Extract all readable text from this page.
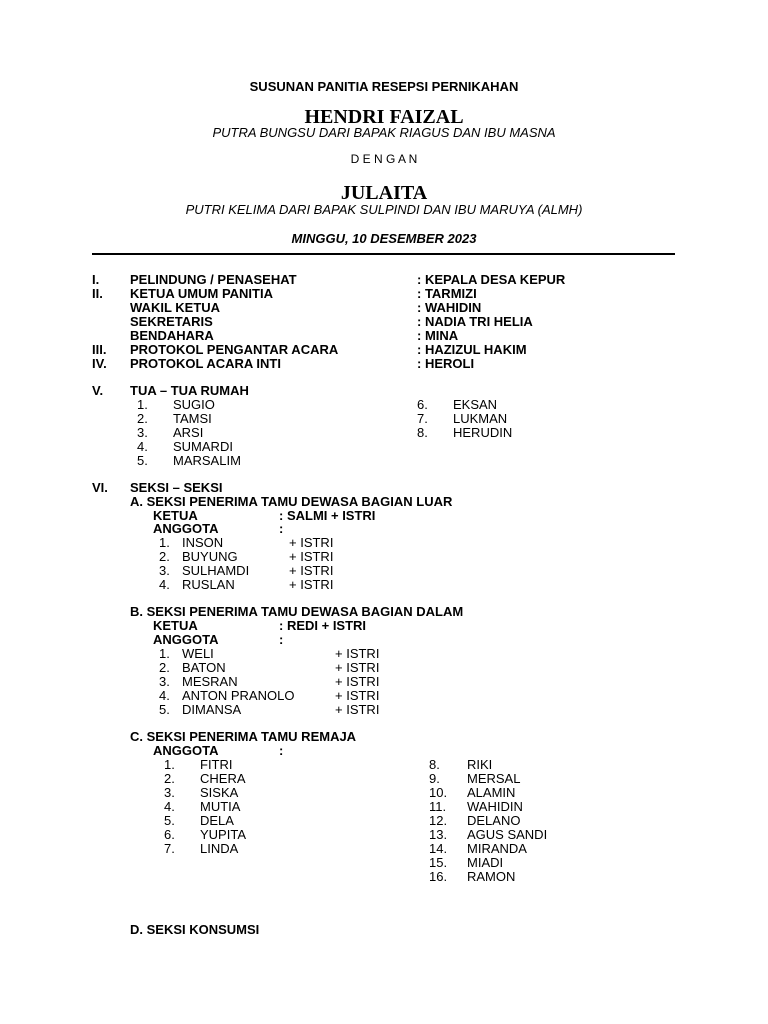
SUSUNAN PANITIA RESEPSI PERNIKAHAN
HENDRI FAIZAL
PUTRA BUNGSU DARI BAPAK RIAGUS DAN IBU MASNA
D E N G A N
JULAITA
PUTRI KELIMA DARI BAPAK SULPINDI DAN IBU MARUYA (ALMH)
MINGGU, 10 DESEMBER 2023
I. PELINDUNG / PENASEHAT	: KEPALA DESA KEPUR
II. KETUA UMUM PANITIA	: TARMIZI
WAKIL KETUA	: WAHIDIN
SEKRETARIS	: NADIA TRI HELIA
BENDAHARA	: MINA
III. PROTOKOL PENGANTAR ACARA	: HAZIZUL HAKIM
IV. PROTOKOL ACARA INTI	: HEROLI
V. TUA – TUA RUMAH
1. SUGIO
2. TAMSI
3. ARSI
4. SUMARDI
5. MARSALIM
6. EKSAN
7. LUKMAN
8. HERUDIN
VI. SEKSI – SEKSI
A. SEKSI PENERIMA TAMU DEWASA BAGIAN LUAR
KETUA	: SALMI + ISTRI
ANGGOTA	:
1. INSON	+ ISTRI
2. BUYUNG	+ ISTRI
3. SULHAMDI	+ ISTRI
4. RUSLAN	+ ISTRI
B. SEKSI PENERIMA TAMU DEWASA BAGIAN DALAM
KETUA	: REDI + ISTRI
ANGGOTA	:
1. WELI	+ ISTRI
2. BATON	+ ISTRI
3. MESRAN	+ ISTRI
4. ANTON PRANOLO	+ ISTRI
5. DIMANSA	+ ISTRI
C. SEKSI PENERIMA TAMU REMAJA
ANGGOTA	:
1. FITRI
2. CHERA
3. SISKA
4. MUTIA
5. DELA
6. YUPITA
7. LINDA
8. RIKI
9. MERSAL
10. ALAMIN
11. WAHIDIN
12. DELANO
13. AGUS SANDI
14. MIRANDA
15. MIADI
16. RAMON
D. SEKSI KONSUMSI
